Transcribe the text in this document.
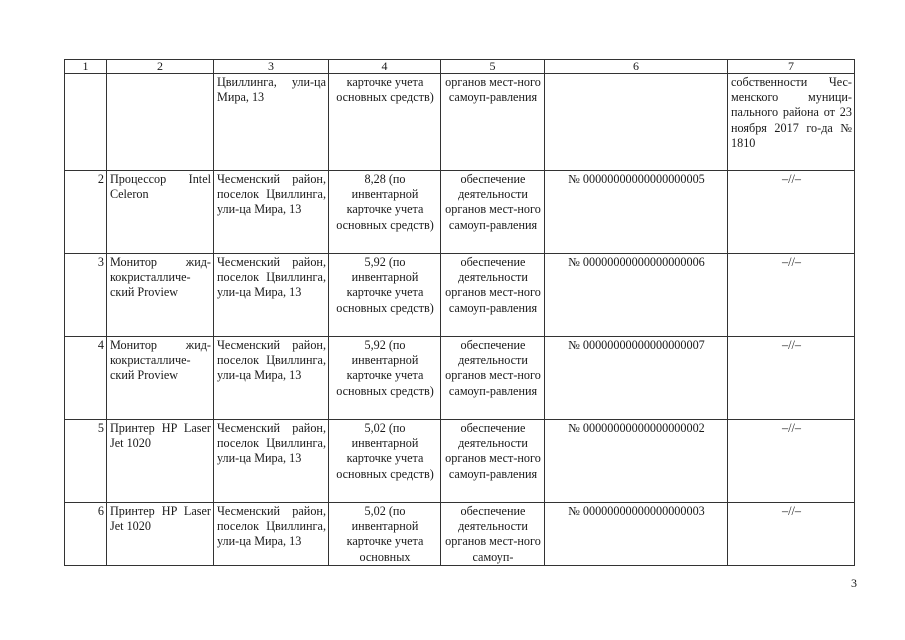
1	2	3	4	5	6	7
		Цвиллинга, ули-ца Мира, 13	карточке учета основных средств)	органов мест-ного самоуп-равления		собственности Чес-менского муници-пального района от 23 ноября 2017 го-да № 1810
2	Процессор Intel Celeron	Чесменский район, поселок Цвиллинга, ули-ца Мира, 13	8,28 (по инвентарной карточке учета основных средств)	обеспечение деятельности органов мест-ного самоуп-равления	№ 00000000000000000005	–//–
3	Монитор жид-кокристалличе-ский Proview	Чесменский район, поселок Цвиллинга, ули-ца Мира, 13	5,92 (по инвентарной карточке учета основных средств)	обеспечение деятельности органов мест-ного самоуп-равления	№ 00000000000000000006	–//–
4	Монитор жид-кокристалличе-ский Proview	Чесменский район, поселок Цвиллинга, ули-ца Мира, 13	5,92 (по инвентарной карточке учета основных средств)	обеспечение деятельности органов мест-ного самоуп-равления	№ 00000000000000000007	–//–
5	Принтер HP Laser Jet 1020	Чесменский район, поселок Цвиллинга, ули-ца Мира, 13	5,02 (по инвентарной карточке учета основных средств)	обеспечение деятельности органов мест-ного самоуп-равления	№ 00000000000000000002	–//–
6	Принтер HP Laser Jet 1020	Чесменский район, поселок Цвиллинга, ули-ца Мира, 13	5,02 (по инвентарной карточке учета основных	обеспечение деятельности органов мест-ного самоуп-	№ 00000000000000000003	–//–
3
